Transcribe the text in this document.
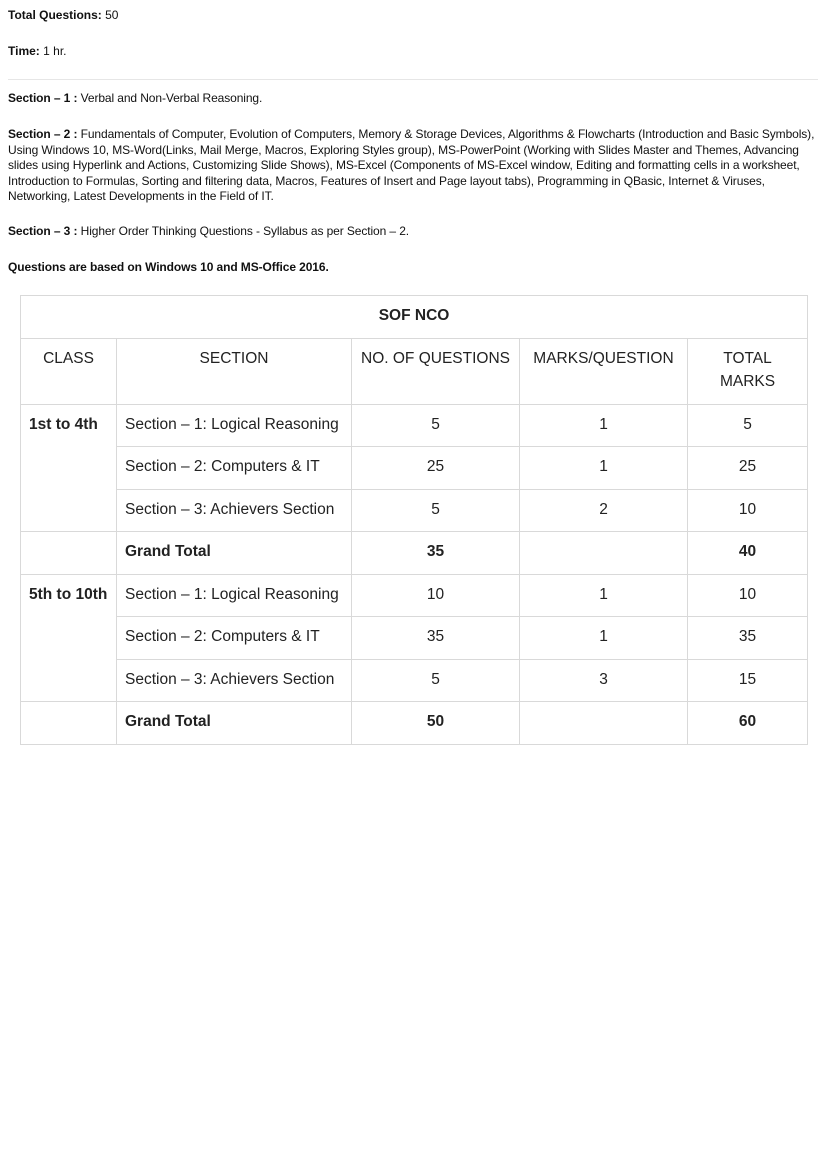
Total Questions: 50
Time: 1 hr.
Section – 1 : Verbal and Non-Verbal Reasoning.
Section – 2 : Fundamentals of Computer, Evolution of Computers, Memory & Storage Devices, Algorithms & Flowcharts (Introduction and Basic Symbols), Using Windows 10, MS-Word(Links, Mail Merge, Macros, Exploring Styles group), MS-PowerPoint (Working with Slides Master and Themes, Advancing slides using Hyperlink and Actions, Customizing Slide Shows), MS-Excel (Components of MS-Excel window, Editing and formatting cells in a worksheet, Introduction to Formulas, Sorting and filtering data, Macros, Features of Insert and Page layout tabs), Programming in QBasic, Internet & Viruses, Networking, Latest Developments in the Field of IT.
Section – 3 : Higher Order Thinking Questions - Syllabus as per Section – 2.
Questions are based on Windows 10 and MS-Office 2016.
SOF NCO				
CLASS	SECTION	NO. OF QUESTIONS	MARKS/QUESTION	TOTAL MARKS
1st to 4th	Section – 1: Logical Reasoning	5	1	5
	Section – 2: Computers & IT	25	1	25
	Section – 3: Achievers Section	5	2	10
	Grand Total	35		40
5th to 10th	Section – 1: Logical Reasoning	10	1	10
	Section – 2: Computers & IT	35	1	35
	Section – 3: Achievers Section	5	3	15
	Grand Total	50		60
